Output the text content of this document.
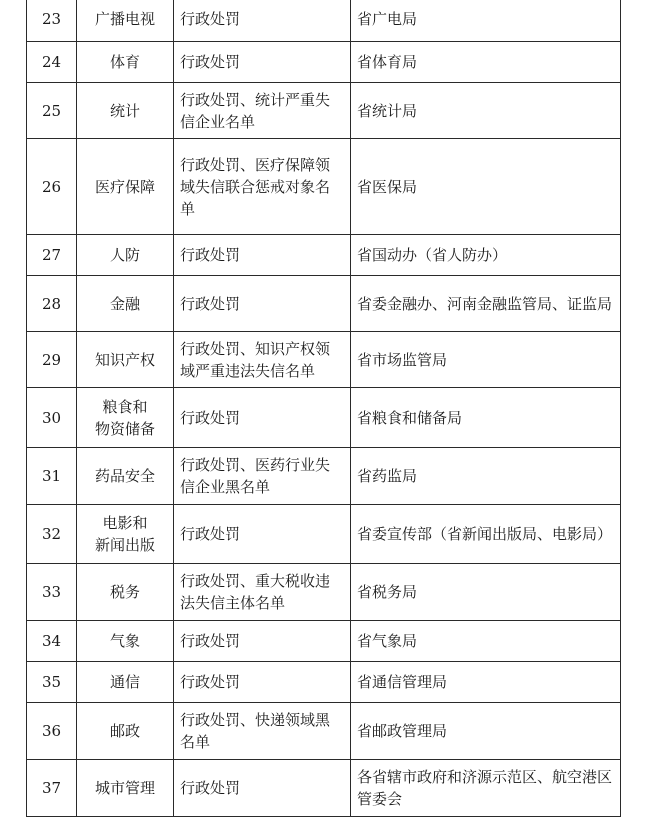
23	广播电视	行政处罚	省广电局
24	体育	行政处罚	省体育局
25	统计	行政处罚、统计严重失信企业名单	省统计局
26	医疗保障	行政处罚、医疗保障领域失信联合惩戒对象名单	省医保局
27	人防	行政处罚	省国动办（省人防办）
28	金融	行政处罚	省委金融办、河南金融监管局、证监局
29	知识产权	行政处罚、知识产权领域严重违法失信名单	省市场监管局
30	粮食和
物资储备	行政处罚	省粮食和储备局
31	药品安全	行政处罚、医药行业失信企业黑名单	省药监局
32	电影和
新闻出版	行政处罚	省委宣传部（省新闻出版局、电影局）
33	税务	行政处罚、重大税收违法失信主体名单	省税务局
34	气象	行政处罚	省气象局
35	通信	行政处罚	省通信管理局
36	邮政	行政处罚、快递领域黑名单	省邮政管理局
37	城市管理	行政处罚	各省辖市政府和济源示范区、航空港区管委会
